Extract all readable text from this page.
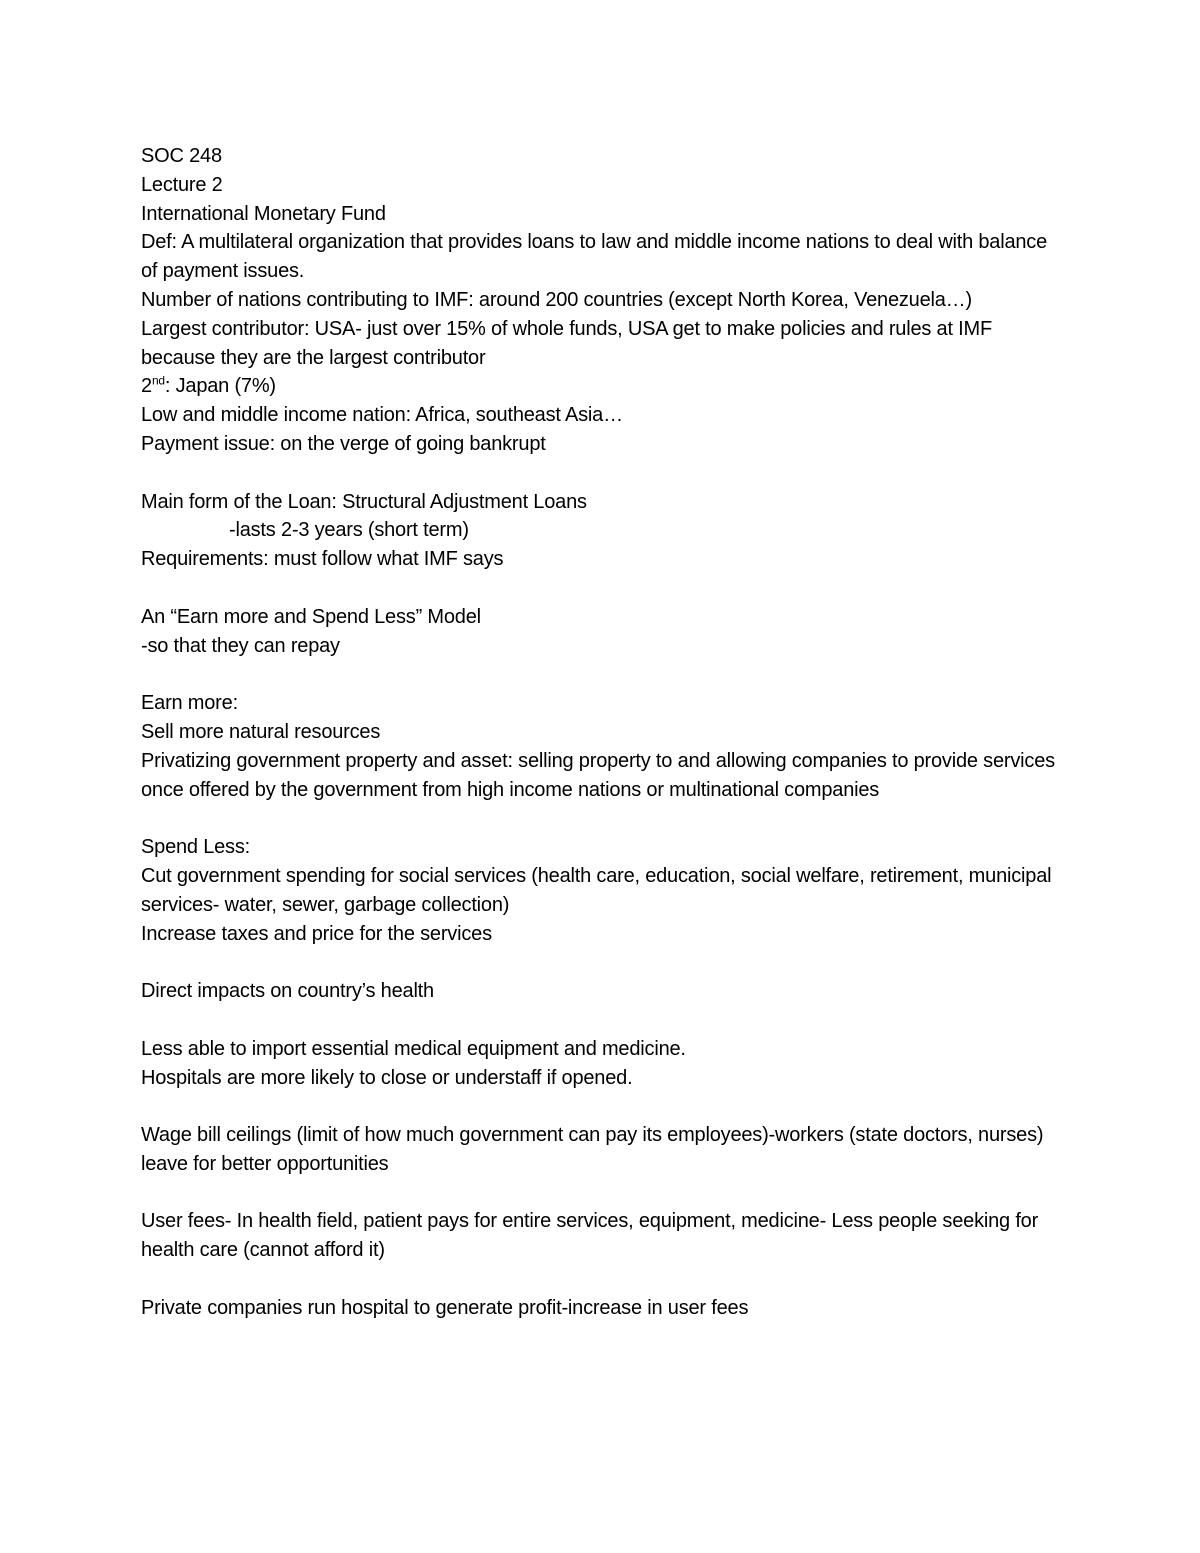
SOC 248

Lecture 2

International Monetary Fund

Def: A multilateral organization that provides loans to law and middle income nations to deal with balance of payment issues.

Number of nations contributing to IMF: around 200 countries (except North Korea, Venezuela…)

Largest contributor: USA- just over 15% of whole funds, USA get to make policies and rules at IMF because they are the largest contributor

2nd: Japan (7%)

Low and middle income nation: Africa, southeast Asia…

Payment issue: on the verge of going bankrupt

Main form of the Loan: Structural Adjustment Loans

-lasts 2-3 years (short term)

Requirements: must follow what IMF says

An “Earn more and Spend Less” Model

-so that they can repay

Earn more:

Sell more natural resources

Privatizing government property and asset: selling property to and allowing companies to provide services once offered by the government from high income nations or multinational companies

Spend Less:

Cut government spending for social services (health care, education, social welfare, retirement, municipal services- water, sewer, garbage collection)

Increase taxes and price for the services

Direct impacts on country’s health

Less able to import essential medical equipment and medicine.

Hospitals are more likely to close or understaff if opened.

Wage bill ceilings (limit of how much government can pay its employees)-workers (state doctors, nurses) leave for better opportunities

User fees- In health field, patient pays for entire services, equipment, medicine- Less people seeking for health care (cannot afford it)

Private companies run hospital to generate profit-increase in user fees
